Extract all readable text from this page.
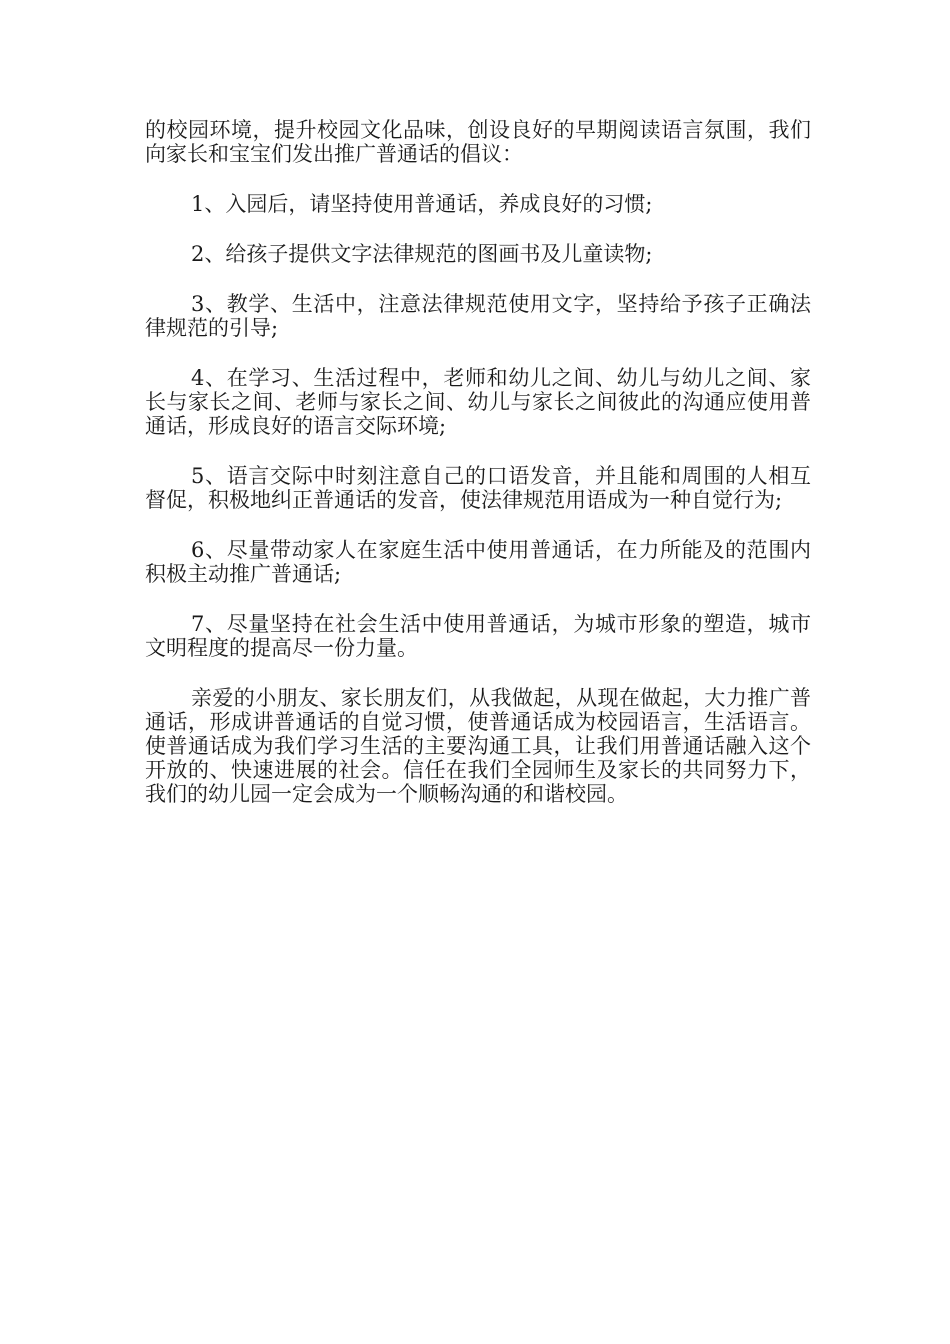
的校园环境，提升校园文化品味，创设良好的早期阅读语言氛围，我们向家长和宝宝们发出推广普通话的倡议：

1、入园后，请坚持使用普通话，养成良好的习惯;

2、给孩子提供文字法律规范的图画书及儿童读物;

3、教学、生活中，注意法律规范使用文字，坚持给予孩子正确法律规范的引导;

4、在学习、生活过程中，老师和幼儿之间、幼儿与幼儿之间、家长与家长之间、老师与家长之间、幼儿与家长之间彼此的沟通应使用普通话，形成良好的语言交际环境;

5、语言交际中时刻注意自己的口语发音，并且能和周围的人相互督促，积极地纠正普通话的发音，使法律规范用语成为一种自觉行为;

6、尽量带动家人在家庭生活中使用普通话，在力所能及的范围内积极主动推广普通话;

7、尽量坚持在社会生活中使用普通话，为城市形象的塑造，城市文明程度的提高尽一份力量。

亲爱的小朋友、家长朋友们，从我做起，从现在做起，大力推广普通话，形成讲普通话的自觉习惯，使普通话成为校园语言，生活语言。使普通话成为我们学习生活的主要沟通工具，让我们用普通话融入这个开放的、快速进展的社会。信任在我们全园师生及家长的共同努力下，我们的幼儿园一定会成为一个顺畅沟通的和谐校园。
